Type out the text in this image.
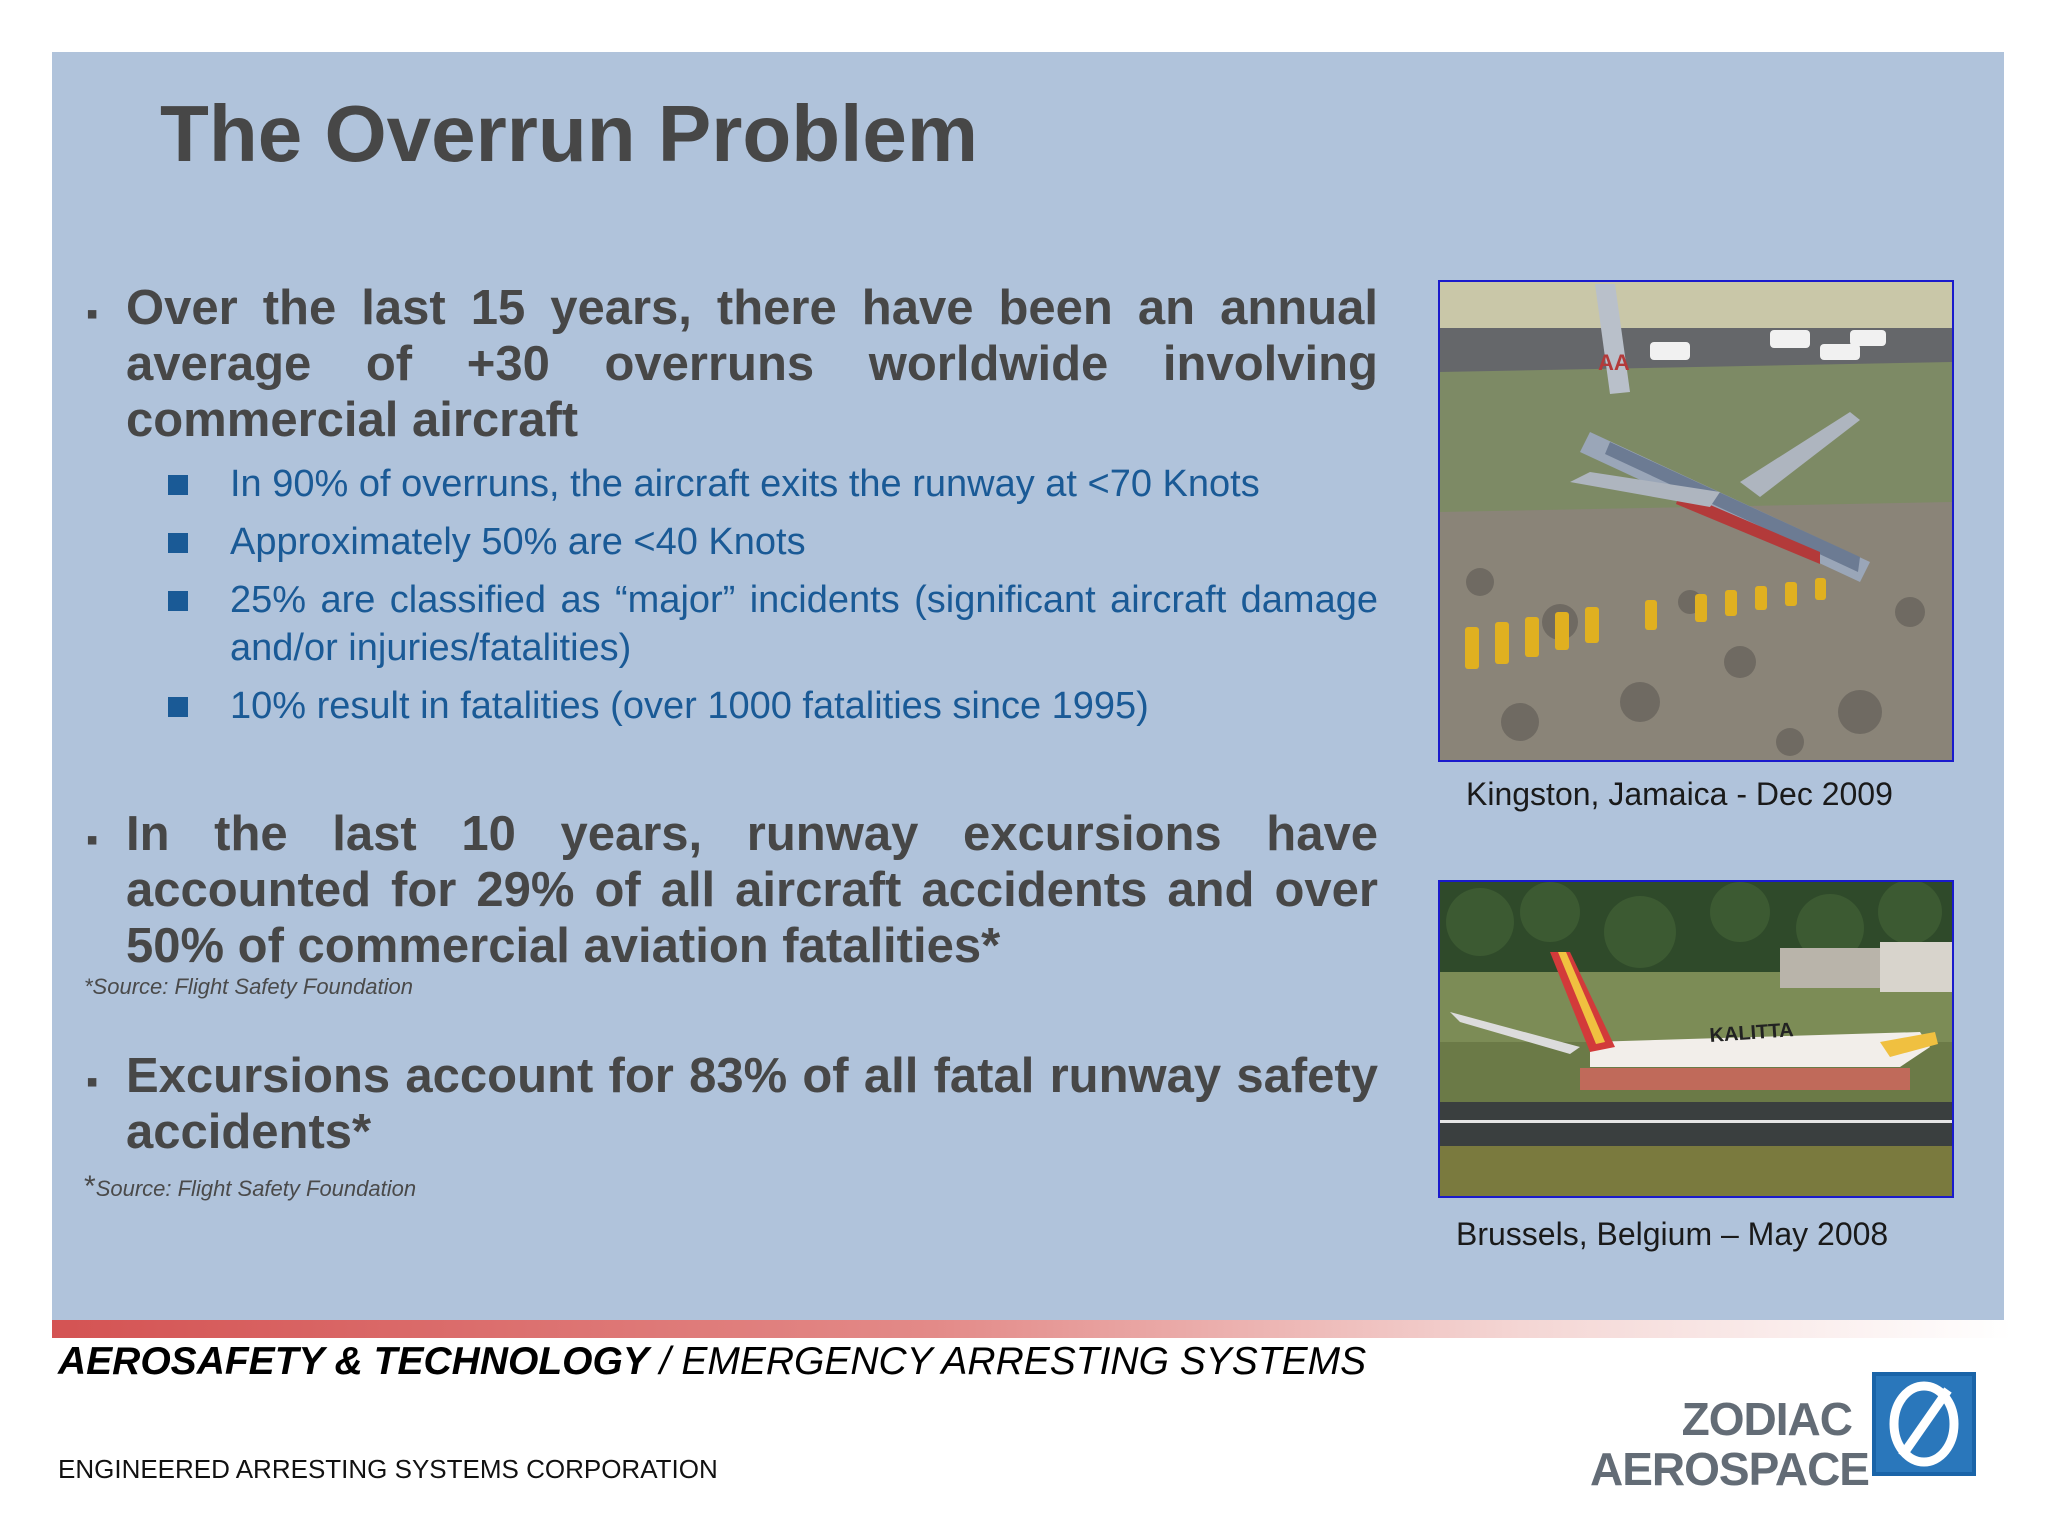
The Overrun Problem
▪ Over the last 15 years, there have been an annual average of +30 overruns worldwide involving commercial aircraft
In 90% of overruns, the aircraft exits the runway at <70 Knots
Approximately 50% are <40 Knots
25% are classified as “major” incidents (significant aircraft damage and/or injuries/fatalities)
10% result in fatalities (over 1000 fatalities since 1995)
▪ In the last 10 years, runway excursions have accounted for 29% of all aircraft accidents and over 50% of commercial aviation fatalities*
*Source: Flight Safety Foundation
▪ Excursions account for 83% of all fatal runway safety accidents*
*Source: Flight Safety Foundation
AA
Kingston, Jamaica - Dec 2009
KALITTA
Brussels, Belgium – May 2008
AEROSAFETY & TECHNOLOGY / EMERGENCY ARRESTING SYSTEMS
ENGINEERED ARRESTING SYSTEMS CORPORATION
ZODIAC
AEROSPACE
